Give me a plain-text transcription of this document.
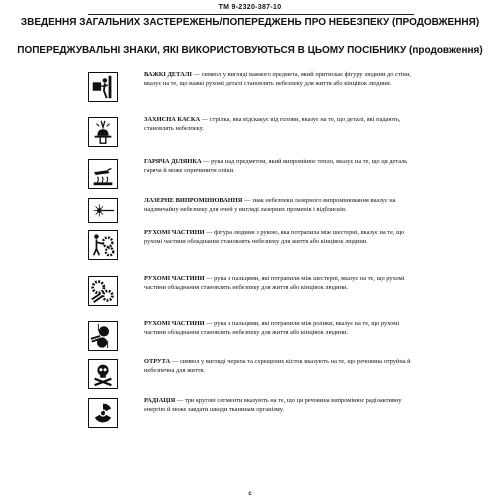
TM 9-2320-387-10
ЗВЕДЕННЯ ЗАГАЛЬНИХ ЗАСТЕРЕЖЕНЬ/ПОПЕРЕДЖЕНЬ ПРО НЕБЕЗПЕКУ (ПРОДОВЖЕННЯ)
ПОПЕРЕДЖУВАЛЬНІ ЗНАКИ, ЯКІ ВИКОРИСТОВУЮТЬСЯ В ЦЬОМУ ПОСІБНИКУ (продовження)
ВАЖКІ ДЕТАЛІ — символ у вигляді важкого предмета, який притискає фігуру людини до стіни, вказує на те, що важкі рухомі деталі становлять небезпеку для життя або кінцівок людини.
ЗАХИСНА КАСКА — стрілка, яка відскакує від голови, вказує на те, що деталі, які падають, становлять небезпеку.
ГАРЯЧА ДІЛЯНКА — рука над предметом, який випромінює тепло, вказує на те, що ця деталь гаряча й може спричинити опіки.
ЛАЗЕРНЕ ВИПРОМІНЮВАННЯ — знак небезпеки лазерного випромінювання вказує на надзвичайну небезпеку для очей у вигляді лазерних променів і відблисків.
РУХОМІ ЧАСТИНИ — фігура людини з рукою, яка потрапила між шестерні, вказує на те, що рухомі частини обладнання становлять небезпеку для життя або кінцівок людини.
РУХОМІ ЧАСТИНИ — рука з пальцями, які потрапили між шестерні, вказує на те, що рухомі частини обладнання становлять небезпеку для життя або кінцівок людини.
РУХОМІ ЧАСТИНИ — рука з пальцями, які потрапили між ролики, вказує на те, що рухомі частини обладнання становлять небезпеку для життя або кінцівок людини.
ОТРУТА — символ у вигляді черепа та схрещених кісток вказують на те, що речовина отруйна й небезпечна для життя.
РАДІАЦІЯ — три кругові сегменти вказують на те, що ця речовина випромінює радіоактивну енергію й може завдати шкоди тканинам організму.
c
